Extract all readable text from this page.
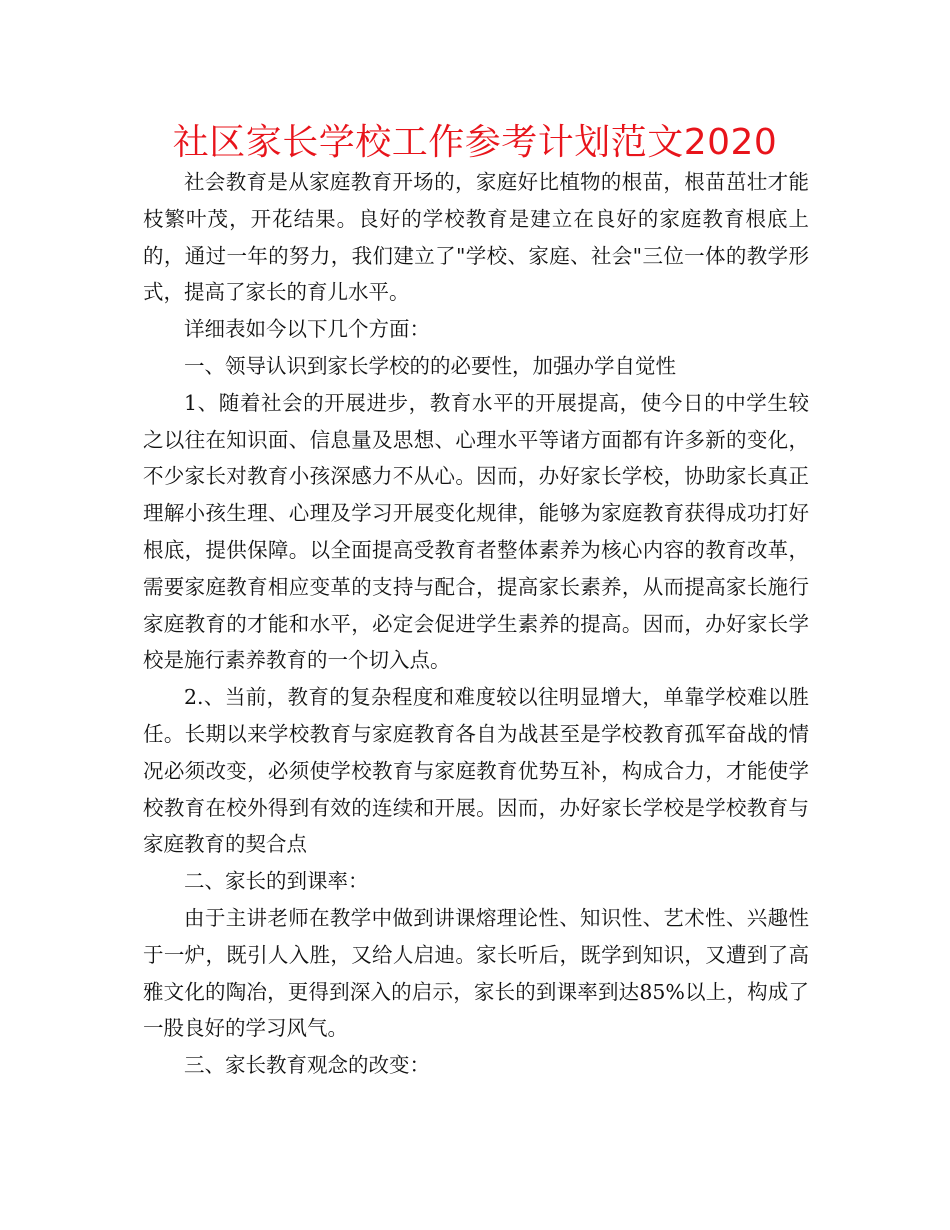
社区家长学校工作参考计划范文2020

社会教育是从家庭教育开场的，家庭好比植物的根苗，根苗茁壮才能枝繁叶茂，开花结果。良好的学校教育是建立在良好的家庭教育根底上的，通过一年的努力，我们建立了"学校、家庭、社会"三位一体的教学形式，提高了家长的育儿水平。

详细表如今以下几个方面：

一、领导认识到家长学校的的必要性，加强办学自觉性

1、随着社会的开展进步，教育水平的开展提高，使今日的中学生较之以往在知识面、信息量及思想、心理水平等诸方面都有许多新的变化，不少家长对教育小孩深感力不从心。因而，办好家长学校，协助家长真正理解小孩生理、心理及学习开展变化规律，能够为家庭教育获得成功打好根底，提供保障。以全面提高受教育者整体素养为核心内容的教育改革，需要家庭教育相应变革的支持与配合，提高家长素养，从而提高家长施行家庭教育的才能和水平，必定会促进学生素养的提高。因而，办好家长学校是施行素养教育的一个切入点。

2.、当前，教育的复杂程度和难度较以往明显增大，单靠学校难以胜任。长期以来学校教育与家庭教育各自为战甚至是学校教育孤军奋战的情况必须改变，必须使学校教育与家庭教育优势互补，构成合力，才能使学校教育在校外得到有效的连续和开展。因而，办好家长学校是学校教育与家庭教育的契合点

二、家长的到课率：

由于主讲老师在教学中做到讲课熔理论性、知识性、艺术性、兴趣性于一炉，既引人入胜，又给人启迪。家长听后，既学到知识，又遭到了高雅文化的陶冶，更得到深入的启示，家长的到课率到达85%以上，构成了一股良好的学习风气。

三、家长教育观念的改变：
